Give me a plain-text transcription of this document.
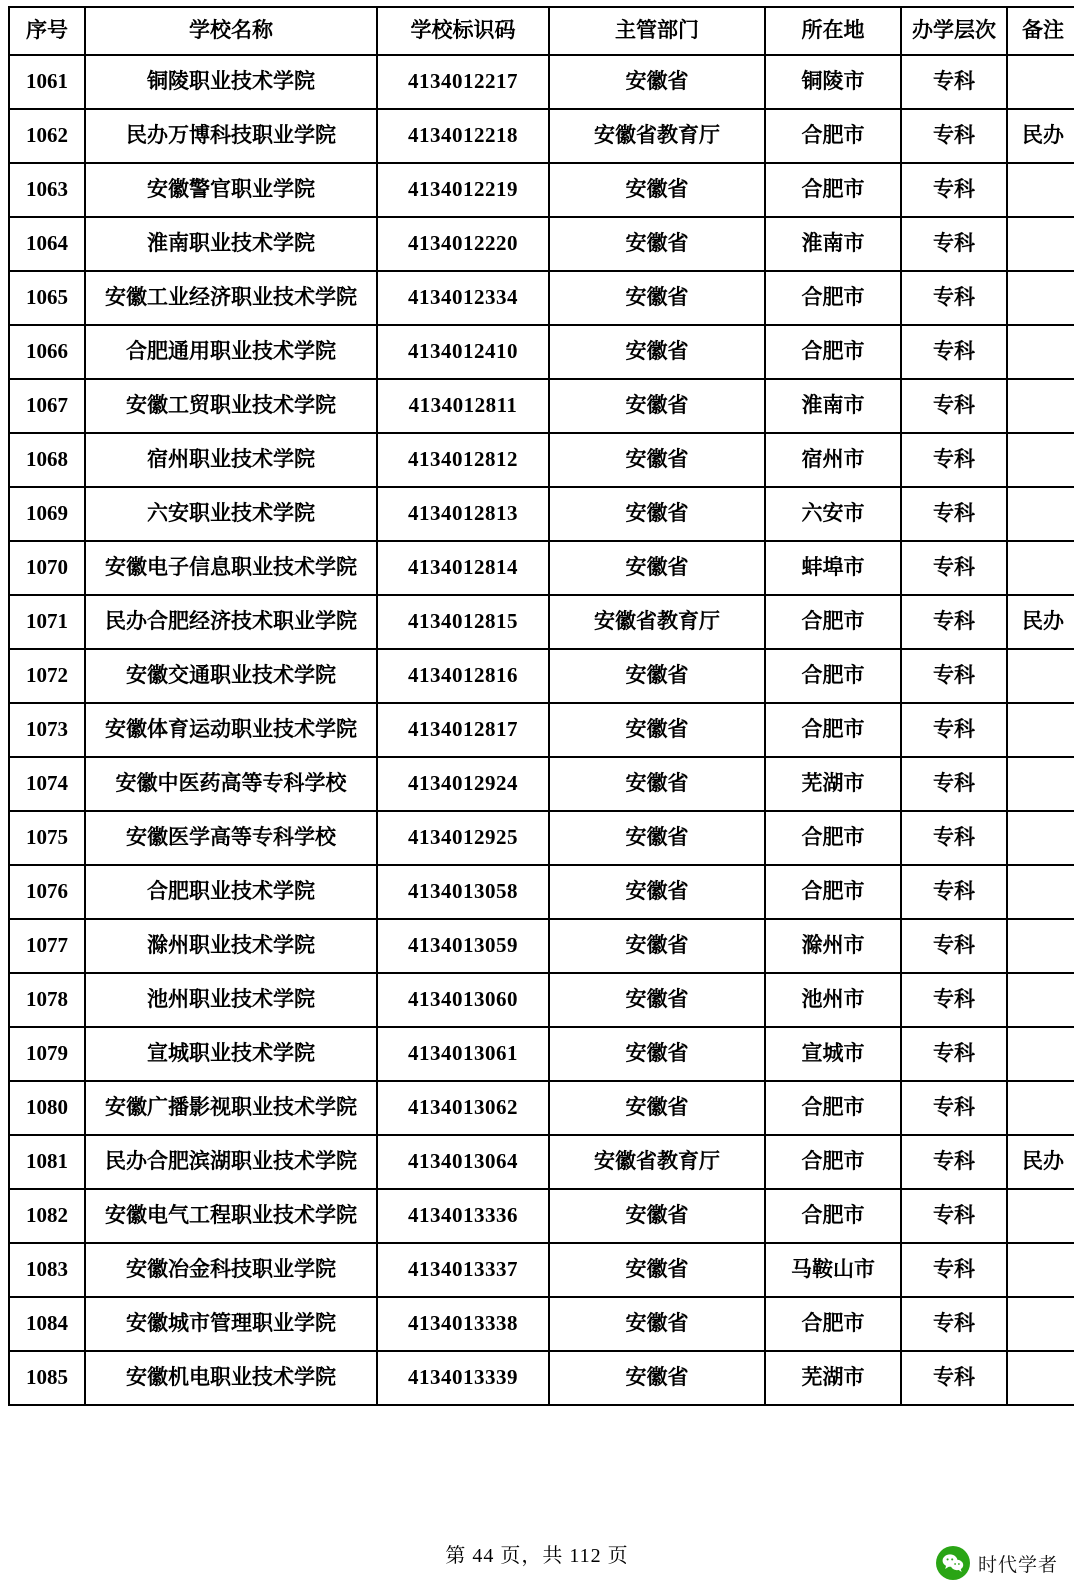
序号	学校名称	学校标识码	主管部门	所在地	办学层次	备注
1061	铜陵职业技术学院	4134012217	安徽省	铜陵市	专科	
1062	民办万博科技职业学院	4134012218	安徽省教育厅	合肥市	专科	民办
1063	安徽警官职业学院	4134012219	安徽省	合肥市	专科	
1064	淮南职业技术学院	4134012220	安徽省	淮南市	专科	
1065	安徽工业经济职业技术学院	4134012334	安徽省	合肥市	专科	
1066	合肥通用职业技术学院	4134012410	安徽省	合肥市	专科	
1067	安徽工贸职业技术学院	4134012811	安徽省	淮南市	专科	
1068	宿州职业技术学院	4134012812	安徽省	宿州市	专科	
1069	六安职业技术学院	4134012813	安徽省	六安市	专科	
1070	安徽电子信息职业技术学院	4134012814	安徽省	蚌埠市	专科	
1071	民办合肥经济技术职业学院	4134012815	安徽省教育厅	合肥市	专科	民办
1072	安徽交通职业技术学院	4134012816	安徽省	合肥市	专科	
1073	安徽体育运动职业技术学院	4134012817	安徽省	合肥市	专科	
1074	安徽中医药高等专科学校	4134012924	安徽省	芜湖市	专科	
1075	安徽医学高等专科学校	4134012925	安徽省	合肥市	专科	
1076	合肥职业技术学院	4134013058	安徽省	合肥市	专科	
1077	滁州职业技术学院	4134013059	安徽省	滁州市	专科	
1078	池州职业技术学院	4134013060	安徽省	池州市	专科	
1079	宣城职业技术学院	4134013061	安徽省	宣城市	专科	
1080	安徽广播影视职业技术学院	4134013062	安徽省	合肥市	专科	
1081	民办合肥滨湖职业技术学院	4134013064	安徽省教育厅	合肥市	专科	民办
1082	安徽电气工程职业技术学院	4134013336	安徽省	合肥市	专科	
1083	安徽冶金科技职业学院	4134013337	安徽省	马鞍山市	专科	
1084	安徽城市管理职业学院	4134013338	安徽省	合肥市	专科	
1085	安徽机电职业技术学院	4134013339	安徽省	芜湖市	专科	
第 44 页，共 112 页	时代学者
